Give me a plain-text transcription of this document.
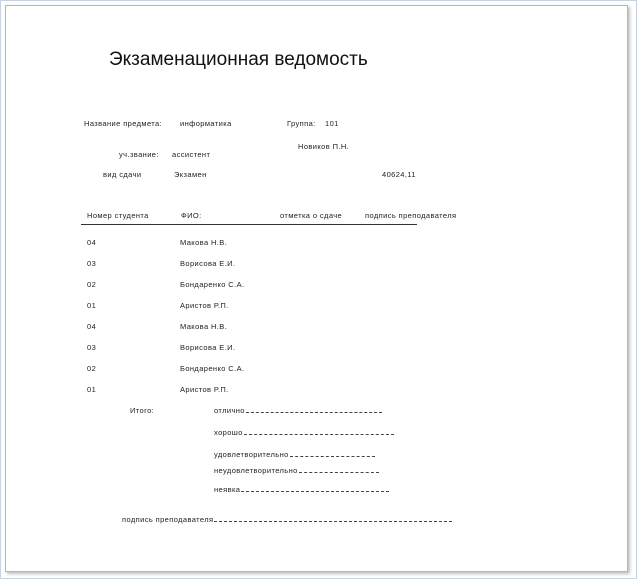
Экзаменационная ведомость
Название предмета: информатика	Группа: 101
Новиков П.Н.
уч.звание: ассистент
вид сдачи	Экзамен	40624,11
Номер студента	ФИО:	отметка о сдаче	подпись преподавателя
04	Макова Н.В.
03	Ворисова Е.И.
02	Бондаренко С.А.
01	Аристов Р.П.
04	Макова Н.В.
03	Ворисова Е.И.
02	Бондаренко С.А.
01	Аристов Р.П.
Итого:	отлично
хорошо
удовлетворительно
неудовлетворительно
неявка
подпись преподавателя
